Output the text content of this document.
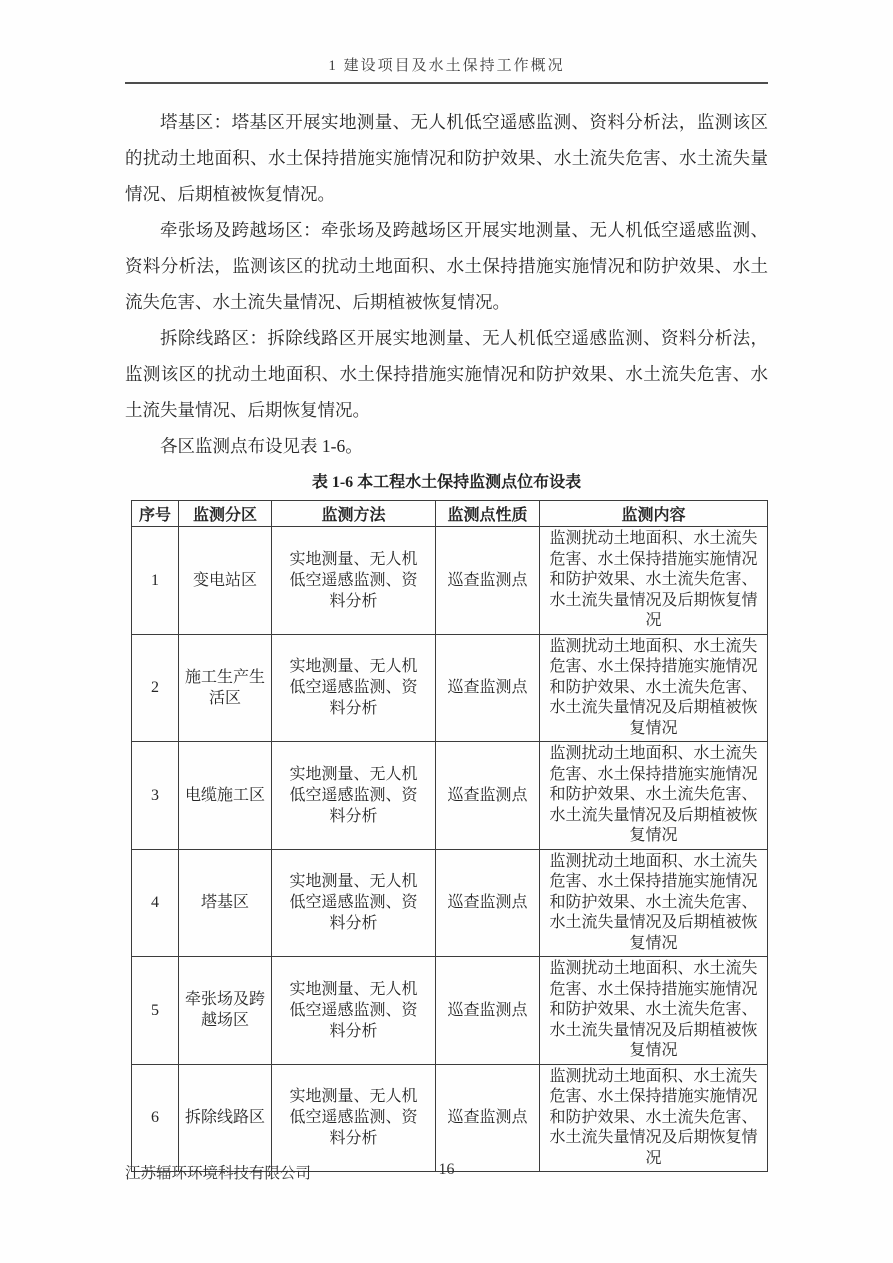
1 建设项目及水土保持工作概况

塔基区：塔基区开展实地测量、无人机低空遥感监测、资料分析法，监测该区的扰动土地面积、水土保持措施实施情况和防护效果、水土流失危害、水土流失量情况、后期植被恢复情况。

牵张场及跨越场区：牵张场及跨越场区开展实地测量、无人机低空遥感监测、资料分析法，监测该区的扰动土地面积、水土保持措施实施情况和防护效果、水土流失危害、水土流失量情况、后期植被恢复情况。

拆除线路区：拆除线路区开展实地测量、无人机低空遥感监测、资料分析法，监测该区的扰动土地面积、水土保持措施实施情况和防护效果、水土流失危害、水土流失量情况、后期恢复情况。

各区监测点布设见表 1-6。

表 1-6 本工程水土保持监测点位布设表

序号	监测分区	监测方法	监测点性质	监测内容
1	变电站区	实地测量、无人机低空遥感监测、资料分析	巡查监测点	监测扰动土地面积、水土流失危害、水土保持措施实施情况和防护效果、水土流失危害、水土流失量情况及后期恢复情况
2	施工生产生活区	实地测量、无人机低空遥感监测、资料分析	巡查监测点	监测扰动土地面积、水土流失危害、水土保持措施实施情况和防护效果、水土流失危害、水土流失量情况及后期植被恢复情况
3	电缆施工区	实地测量、无人机低空遥感监测、资料分析	巡查监测点	监测扰动土地面积、水土流失危害、水土保持措施实施情况和防护效果、水土流失危害、水土流失量情况及后期植被恢复情况
4	塔基区	实地测量、无人机低空遥感监测、资料分析	巡查监测点	监测扰动土地面积、水土流失危害、水土保持措施实施情况和防护效果、水土流失危害、水土流失量情况及后期植被恢复情况
5	牵张场及跨越场区	实地测量、无人机低空遥感监测、资料分析	巡查监测点	监测扰动土地面积、水土流失危害、水土保持措施实施情况和防护效果、水土流失危害、水土流失量情况及后期植被恢复情况
6	拆除线路区	实地测量、无人机低空遥感监测、资料分析	巡查监测点	监测扰动土地面积、水土流失危害、水土保持措施实施情况和防护效果、水土流失危害、水土流失量情况及后期恢复情况
江苏辐环环境科技有限公司	16
